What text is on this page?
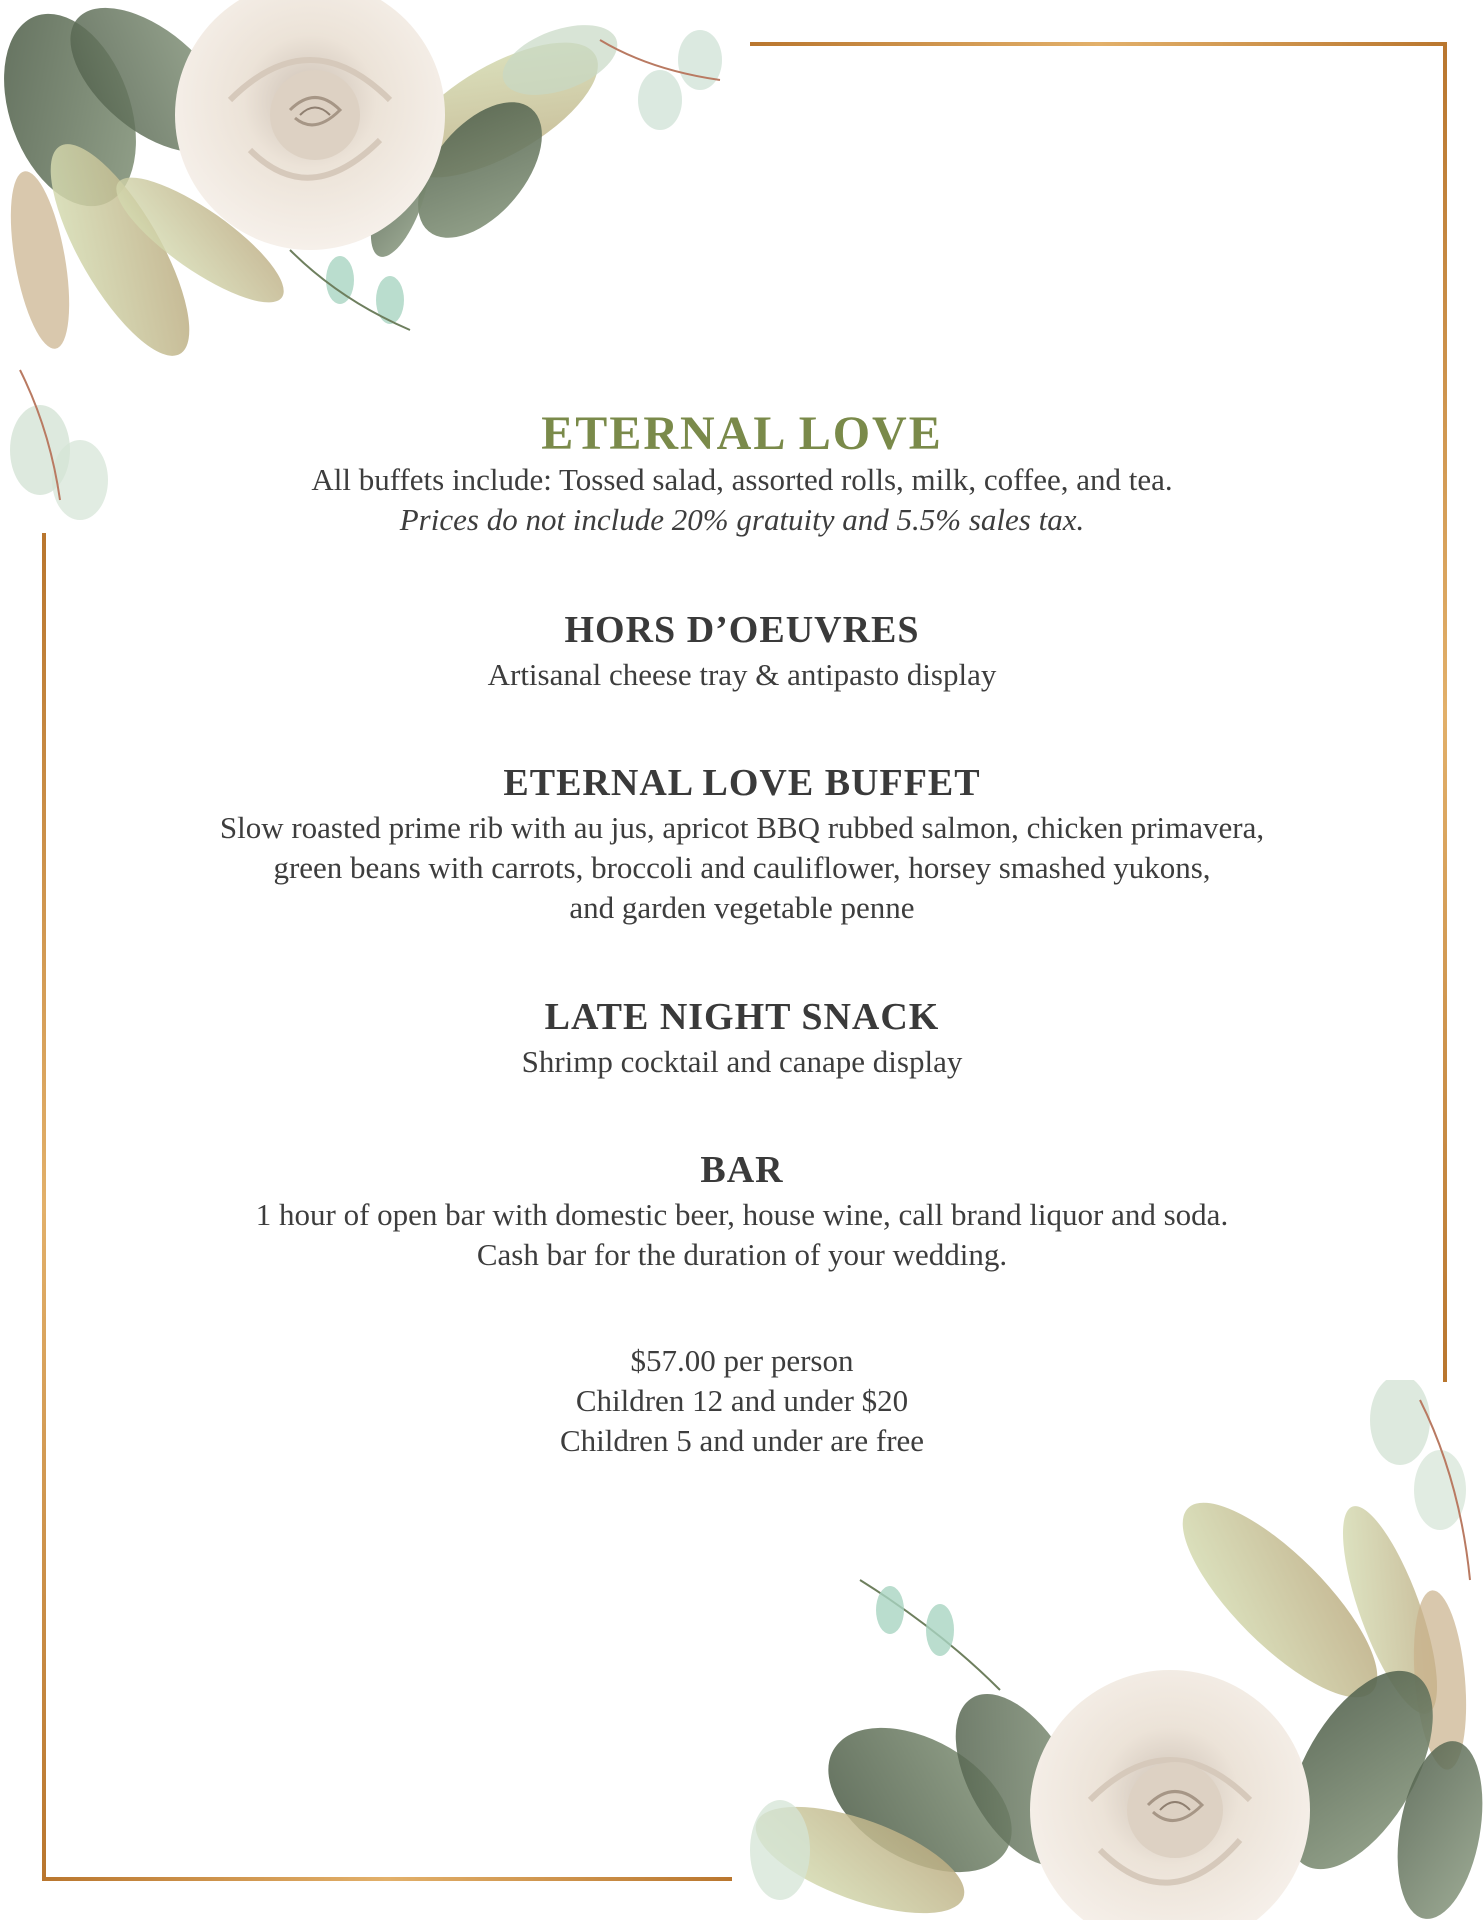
ETERNAL LOVE
All buffets include: Tossed salad, assorted rolls, milk, coffee, and tea.
Prices do not include 20% gratuity and 5.5% sales tax.
HORS D’OEUVRES
Artisanal cheese tray & antipasto display
ETERNAL LOVE BUFFET
Slow roasted prime rib with au jus, apricot BBQ rubbed salmon, chicken primavera,
green beans with carrots, broccoli and cauliflower, horsey smashed yukons,
and garden vegetable penne
LATE NIGHT SNACK
Shrimp cocktail and canape display
BAR
1 hour of open bar with domestic beer, house wine, call brand liquor and soda.
Cash bar for the duration of your wedding.
$57.00 per person
Children 12 and under $20
Children 5 and under are free
